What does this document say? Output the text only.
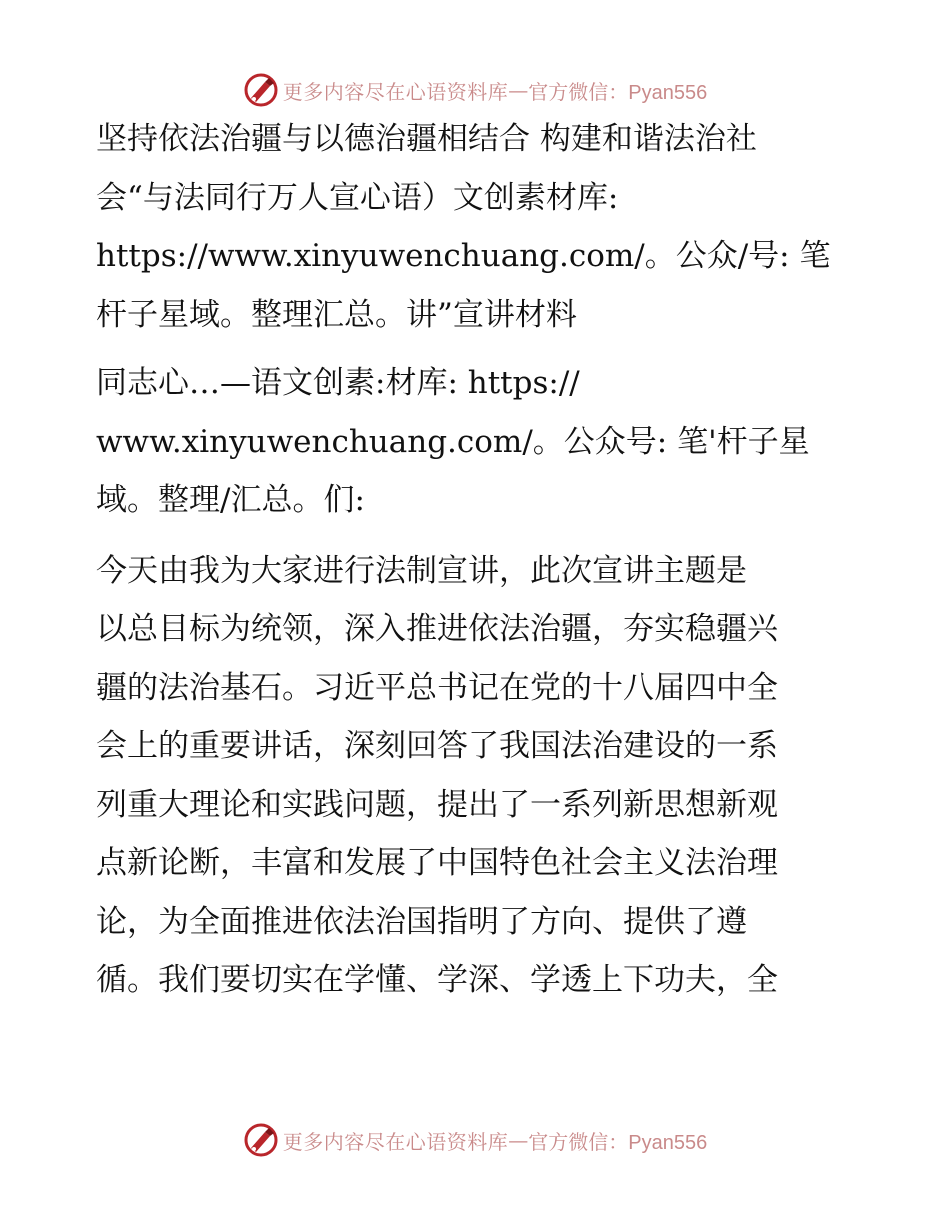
更多内容尽在心语资料库 — 官方微信：Pyan556

坚持依法治疆与以德治疆相结合 构建和谐法治社
会“与法同行万人宣心语）文创素材库:
https://www.xinyuwenchuang.com/。公众/号: 笔
杆子星域。整理汇总。讲”宣讲材料

同志心…—语文创素:材库: https://
www.xinyuwenchuang.com/。公众号: 笔'杆子星
域。整理/汇总。们:

今天由我为大家进行法制宣讲，此次宣讲主题是
以总目标为统领，深入推进依法治疆，夯实稳疆兴
疆的法治基石。习近平总书记在党的十八届四中全
会上的重要讲话，深刻回答了我国法治建设的一系
列重大理论和实践问题，提出了一系列新思想新观
点新论断，丰富和发展了中国特色社会主义法治理
论，为全面推进依法治国指明了方向、提供了遵
循。我们要切实在学懂、学深、学透上下功夫，全

更多内容尽在心语资料库 — 官方微信：Pyan556
